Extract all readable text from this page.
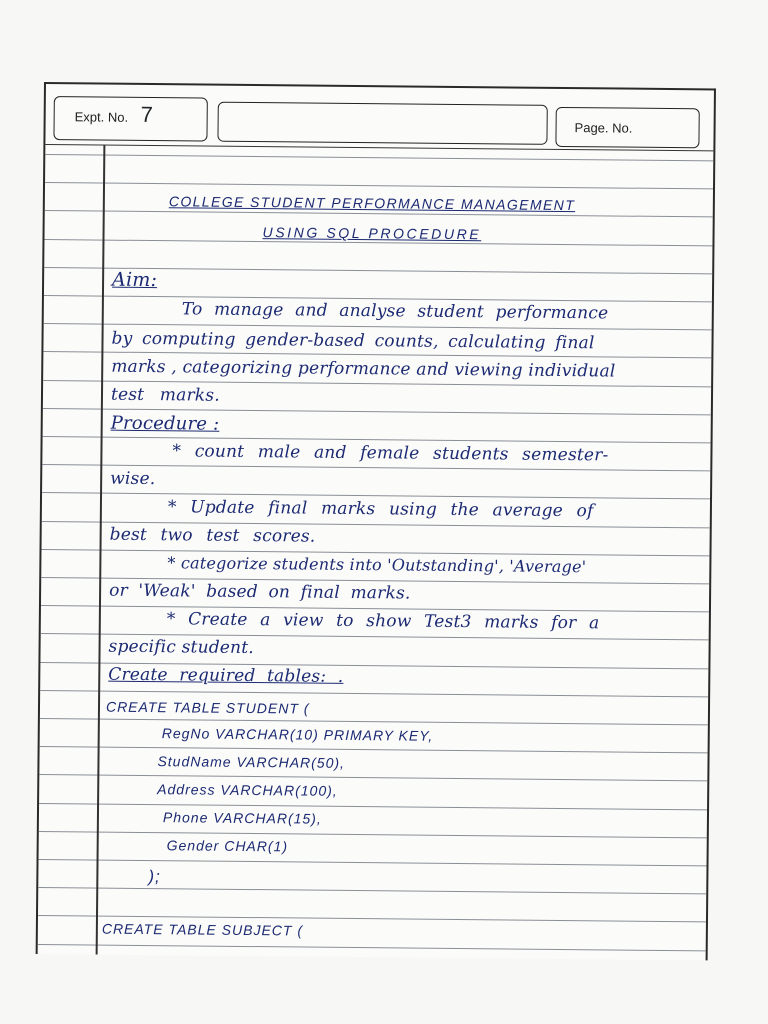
Expt. No. 7
Page. No.
COLLEGE STUDENT PERFORMANCE MANAGEMENT
USING SQL PROCEDURE
Aim:
To manage and analyse student performance
by computing gender-based counts, calculating final
marks , categorizing performance and viewing individual
test marks.
Procedure :
* count male and female students semester-
wise.
* Update final marks using the average of
best two test scores.
* categorize students into 'Outstanding', 'Average'
or 'Weak' based on final marks.
* Create a view to show Test3 marks for a
specific student.
Create required tables: .
CREATE TABLE STUDENT (
RegNo VARCHAR(10) PRIMARY KEY,
StudName VARCHAR(50),
Address VARCHAR(100),
Phone VARCHAR(15),
Gender CHAR(1)
);
CREATE TABLE SUBJECT (
